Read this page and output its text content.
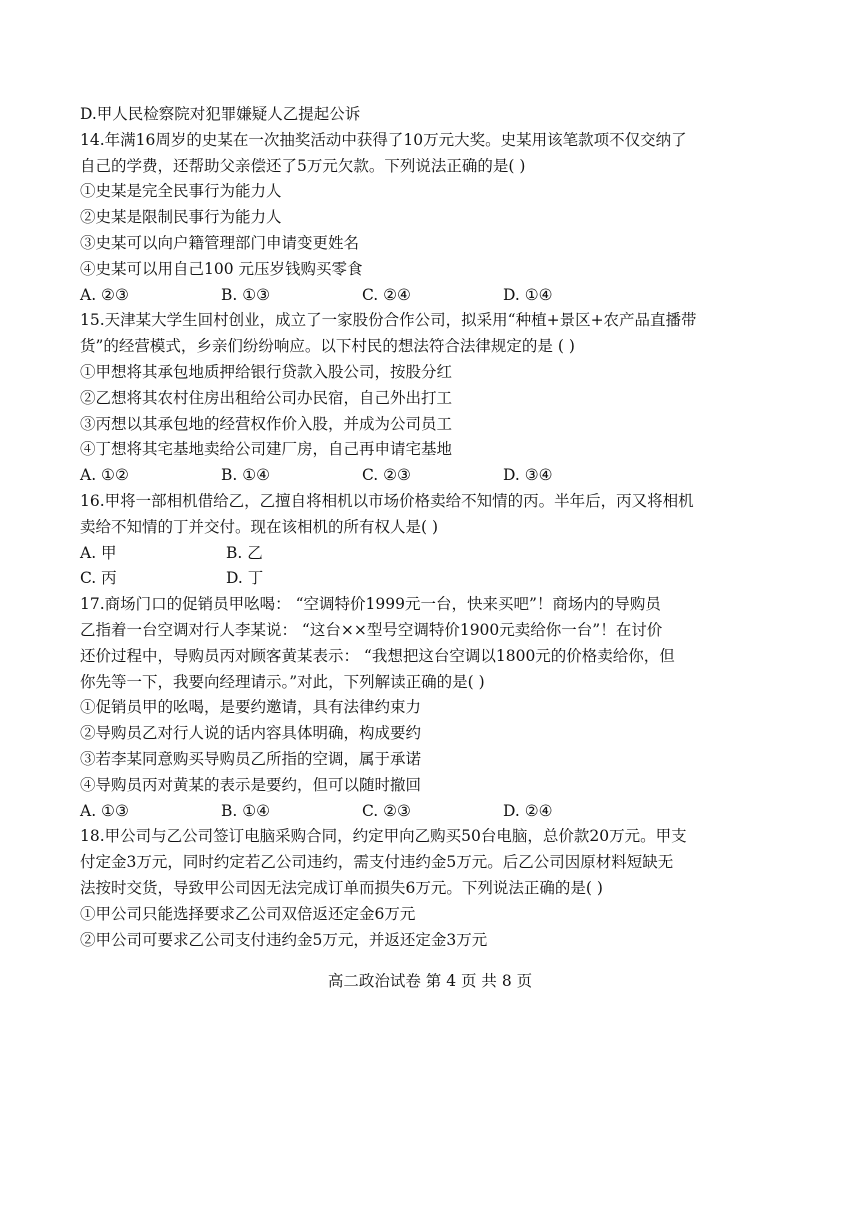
D.甲人民检察院对犯罪嫌疑人乙提起公诉
14.年满16周岁的史某在一次抽奖活动中获得了10万元大奖。史某用该笔款项不仅交纳了
自己的学费，还帮助父亲偿还了5万元欠款。下列说法正确的是( )
①史某是完全民事行为能力人
②史某是限制民事行为能力人
③史某可以向户籍管理部门申请变更姓名
④史某可以用自己100 元压岁钱购买零食
A. ②③	B. ①③	C. ②④	D. ①④
15.天津某大学生回村创业，成立了一家股份合作公司，拟采用“种植+景区+农产品直播带
货”的经营模式，乡亲们纷纷响应。以下村民的想法符合法律规定的是 ( )
①甲想将其承包地质押给银行贷款入股公司，按股分红
②乙想将其农村住房出租给公司办民宿，自己外出打工
③丙想以其承包地的经营权作价入股，并成为公司员工
④丁想将其宅基地卖给公司建厂房，自己再申请宅基地
A. ①②	B. ①④	C. ②③	D. ③④
16.甲将一部相机借给乙，乙擅自将相机以市场价格卖给不知情的丙。半年后，丙又将相机
卖给不知情的丁并交付。现在该相机的所有权人是( )
A. 甲	B. 乙
C. 丙	D. 丁
17.商场门口的促销员甲吆喝： “空调特价1999元一台，快来买吧”！商场内的导购员
乙指着一台空调对行人李某说： “这台××型号空调特价1900元卖给你一台”！在讨价
还价过程中，导购员丙对顾客黄某表示： “我想把这台空调以1800元的价格卖给你，但
你先等一下，我要向经理请示。”对此，下列解读正确的是( )
①促销员甲的吆喝，是要约邀请，具有法律约束力
②导购员乙对行人说的话内容具体明确，构成要约
③若李某同意购买导购员乙所指的空调，属于承诺
④导购员丙对黄某的表示是要约，但可以随时撤回
A. ①③	B. ①④	C. ②③	D. ②④
18.甲公司与乙公司签订电脑采购合同，约定甲向乙购买50台电脑，总价款20万元。甲支
付定金3万元，同时约定若乙公司违约，需支付违约金5万元。后乙公司因原材料短缺无
法按时交货，导致甲公司因无法完成订单而损失6万元。下列说法正确的是( )
①甲公司只能选择要求乙公司双倍返还定金6万元
②甲公司可要求乙公司支付违约金5万元，并返还定金3万元
高二政治试卷 第 4 页 共 8 页
